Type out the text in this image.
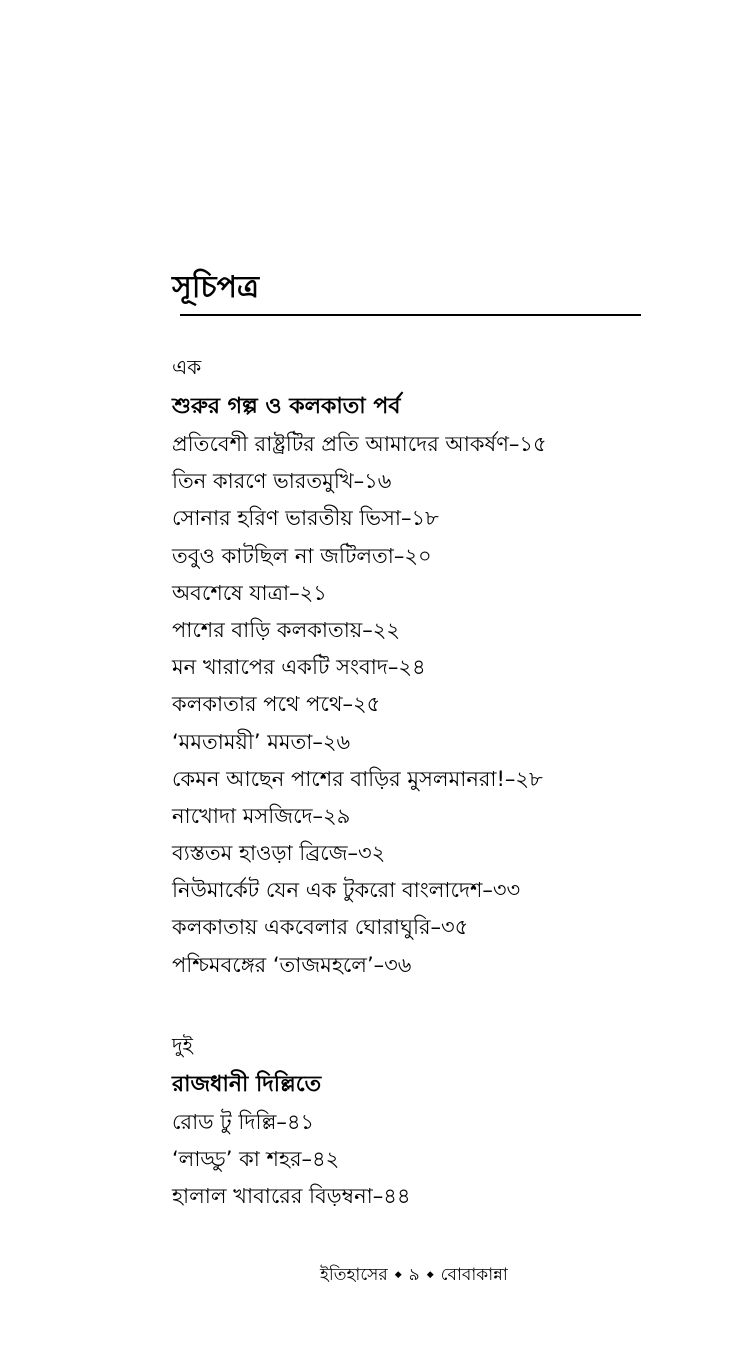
সূচিপত্র
এক
শুরুর গল্প ও কলকাতা পর্ব
প্রতিবেশী রাষ্ট্রটির প্রতি আমাদের আকর্ষণ–১৫
তিন কারণে ভারতমুখি–১৬
সোনার হরিণ ভারতীয় ভিসা–১৮
তবুও কাটছিল না জটিলতা–২০
অবশেষে যাত্রা–২১
পাশের বাড়ি কলকাতায়–২২
মন খারাপের একটি সংবাদ–২৪
কলকাতার পথে পথে–২৫
‘মমতাময়ী’ মমতা–২৬
কেমন আছেন পাশের বাড়ির মুসলমানরা!–২৮
নাখোদা মসজিদে–২৯
ব্যস্ততম হাওড়া ব্রিজে–৩২
নিউমার্কেট যেন এক টুকরো বাংলাদেশ–৩৩
কলকাতায় একবেলার ঘোরাঘুরি–৩৫
পশ্চিমবঙ্গের ‘তাজমহলে’–৩৬
দুই
রাজধানী দিল্লিতে
রোড টু দিল্লি–৪১
‘লাড্ডু’ কা শহর–৪২
হালাল খাবারের বিড়ম্বনা–৪৪
ইতিহাসের ◆ ৯ ◆ বোবাকান্না
